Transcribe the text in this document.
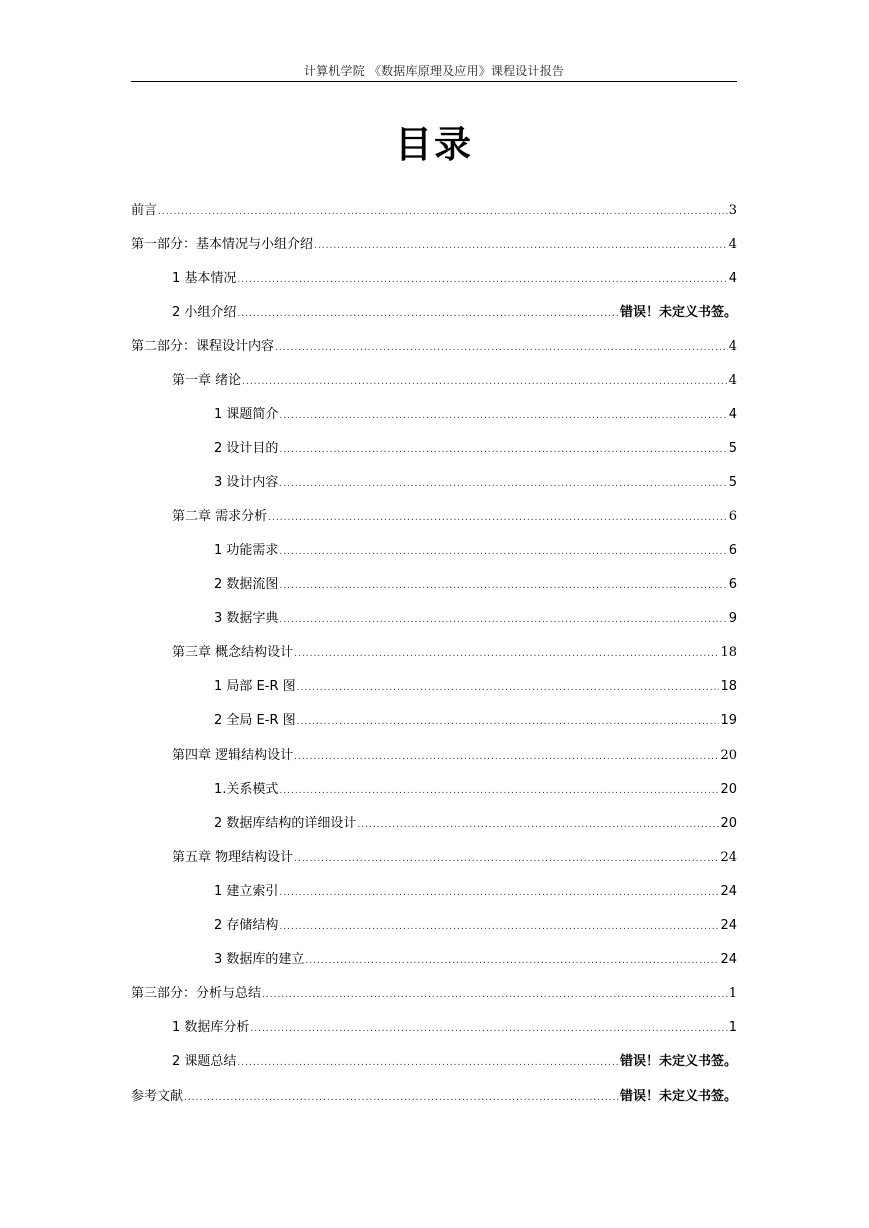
计算机学院 《数据库原理及应用》课程设计报告
目录
前言 .....	3
第一部分：基本情况与小组介绍 .....	4
1 基本情况 .....	4
2 小组介绍 .....	错误！未定义书签。
第二部分：课程设计内容 .....	4
第一章 绪论 .....	4
1 课题简介 .....	4
2 设计目的 .....	5
3 设计内容 .....	5
第二章 需求分析 .....	6
1 功能需求 .....	6
2 数据流图 .....	6
3 数据字典 .....	9
第三章 概念结构设计 .....	18
1 局部 E-R 图 .....	18
2 全局 E-R 图 .....	19
第四章 逻辑结构设计 .....	20
1.关系模式 .....	20
2 数据库结构的详细设计 .....	20
第五章 物理结构设计 .....	24
1 建立索引 .....	24
2 存储结构 .....	24
3 数据库的建立 .....	24
第三部分：分析与总结 .....	1
1 数据库分析 .....	1
2 课题总结 .....	错误！未定义书签。
参考文献 .....	错误！未定义书签。
